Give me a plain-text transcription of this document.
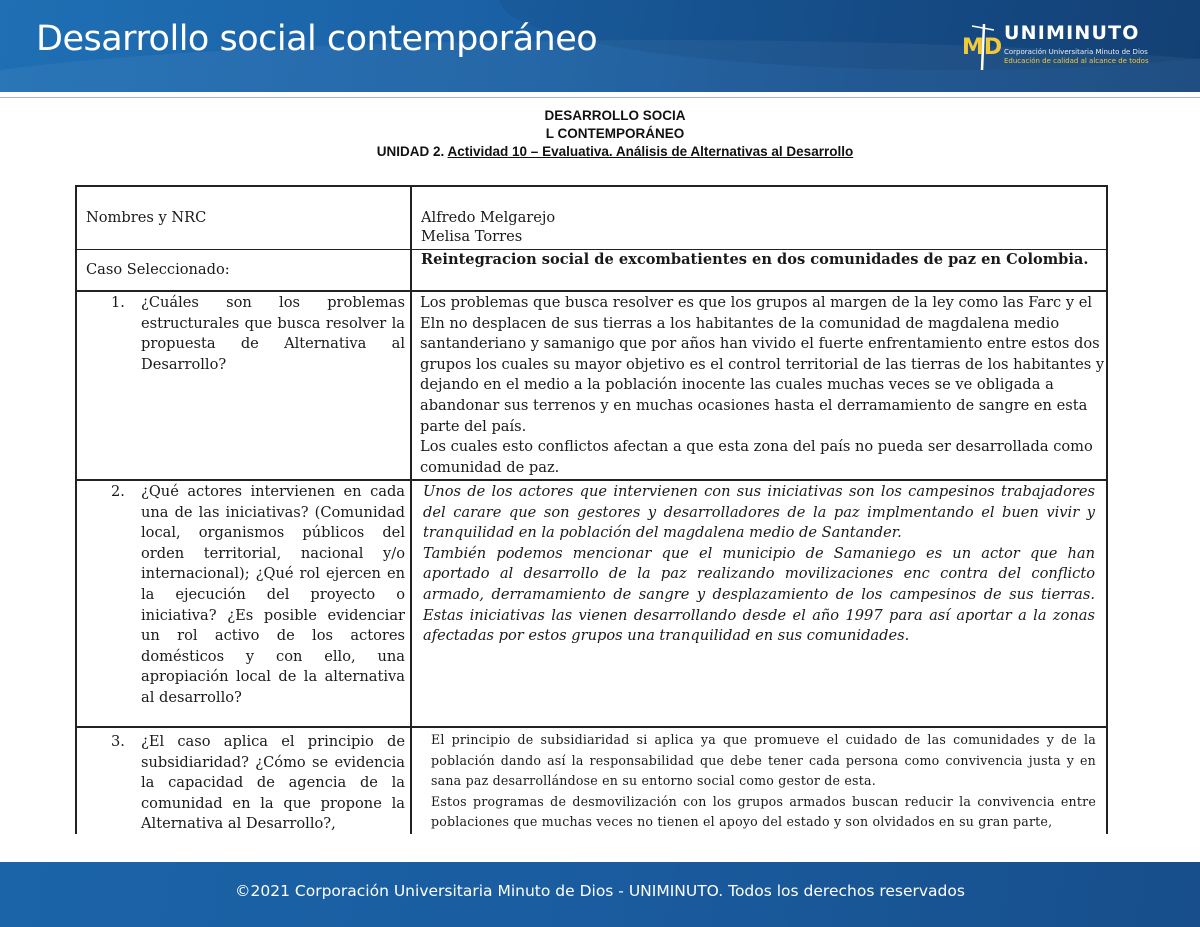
Desarrollo social contemporáneo	MD
UNIMINUTO
Corporación Universitaria Minuto de Dios
Educación de calidad al alcance de todos
DESARROLLO SOCIA
L CONTEMPORÁNEO
UNIDAD 2. Actividad 10 – Evaluativa. Análisis de Alternativas al Desarrollo
Nombres y NRC	Alfredo Melgarejo
Melisa Torres
Caso Seleccionado:
Reintegracion social de excombatientes en dos comunidades de paz en Colombia.
1.	¿Cuáles son los problemas estructurales que busca resolver la propuesta de Alternativa al Desarrollo?
Los problemas que busca resolver es que los grupos al margen de la ley como las Farc y el Eln no desplacen de sus tierras a los habitantes de la comunidad de magdalena medio santanderiano y samanigo que por años han vivido el fuerte enfrentamiento entre estos dos grupos los cuales su mayor objetivo es el control territorial de las tierras de los habitantes y dejando en el medio a la población inocente las cuales muchas veces se ve obligada a abandonar sus terrenos y en muchas ocasiones hasta el derramamiento de sangre en esta parte del país.
Los cuales esto conflictos afectan a que esta zona del país no pueda ser desarrollada como comunidad de paz.
2.	¿Qué actores intervienen en cada una de las iniciativas? (Comunidad local, organismos públicos del orden territorial, nacional y/o internacional); ¿Qué rol ejercen en la ejecución del proyecto o iniciativa? ¿Es posible evidenciar un rol activo de los actores domésticos y con ello, una apropiación local de la alternativa al desarrollo?
Unos de los actores que intervienen con sus iniciativas son los campesinos trabajadores del carare que son gestores y desarrolladores de la paz implmentando el buen vivir y tranquilidad en la población del magdalena medio de Santander.
También podemos mencionar que el municipio de Samaniego es un actor que han aportado al desarrollo de la paz realizando movilizaciones enc contra del conflicto armado, derramamiento de sangre y desplazamiento de los campesinos de sus tierras. Estas iniciativas las vienen desarrollando desde el año 1997 para así aportar a la zonas afectadas por estos grupos una tranquilidad en sus comunidades.
3.	¿El caso aplica el principio de subsidiaridad? ¿Cómo se evidencia la capacidad de agencia de la comunidad en la que propone la Alternativa al Desarrollo?,
El principio de subsidiaridad si aplica ya que promueve el cuidado de las comunidades y de la población dando así la responsabilidad que debe tener cada persona como convivencia justa y en sana paz desarrollándose en su entorno social como gestor de esta.
Estos programas de desmovilización con los grupos armados buscan reducir la convivencia entre poblaciones que muchas veces no tienen el apoyo del estado y son olvidados en su gran parte,
©2021 Corporación Universitaria Minuto de Dios - UNIMINUTO. Todos los derechos reservados
